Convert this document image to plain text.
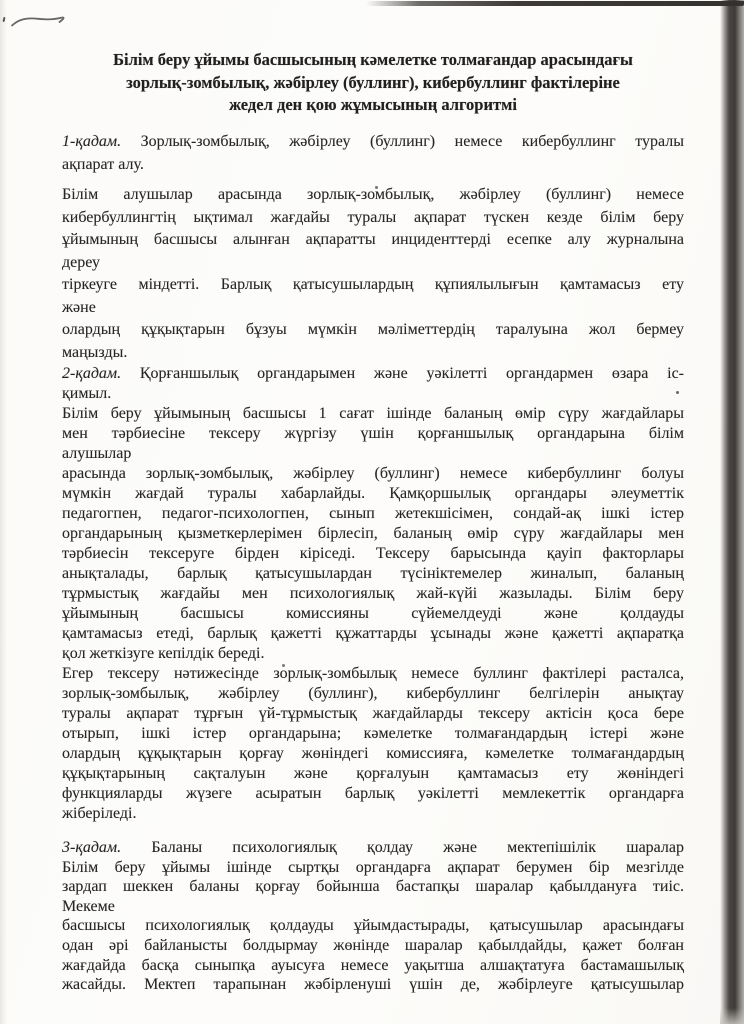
Білім беру ұйымы басшысының кәмелетке толмағандар арасындағы
зорлық-зомбылық, жәбірлеу (буллинг), кибербуллинг фактілеріне
жедел ден қою жұмысының алгоритмі
1-қадам. Зорлық-зомбылық, жәбірлеу (буллинг) немесе кибербуллинг туралы
ақпарат алу.
Білім алушылар арасында зорлық-зомбылық, жәбірлеу (буллинг) немесе
кибербуллингтің ықтимал жағдайы туралы ақпарат түскен кезде білім беру
ұйымының басшысы алынған ақпаратты инциденттерді есепке алу журналына
дереу
тіркеуге міндетті. Барлық қатысушылардың құпиялылығын қамтамасыз ету
және
олардың құқықтарын бұзуы мүмкін мәліметтердің таралуына жол бермеу
маңызды.
2-қадам. Қорғаншылық органдарымен және уәкілетті органдармен өзара іс-
қимыл.
Білім беру ұйымының басшысы 1 сағат ішінде баланың өмір сүру жағдайлары
мен тәрбиесіне тексеру жүргізу үшін қорғаншылық органдарына білім
алушылар
арасында зорлық-зомбылық, жәбірлеу (буллинг) немесе кибербуллинг болуы
мүмкін жағдай туралы хабарлайды. Қамқоршылық органдары әлеуметтік
педагогпен, педагог-психологпен, сынып жетекшісімен, сондай-ақ ішкі істер
органдарының қызметкерлерімен бірлесіп, баланың өмір сүру жағдайлары мен
тәрбиесін тексеруге бірден кіріседі. Тексеру барысында қауіп факторлары
анықталады, барлық қатысушылардан түсініктемелер жиналып, баланың
тұрмыстық жағдайы мен психологиялық жай-күйі жазылады. Білім беру
ұйымының басшысы комиссияны сүйемелдеуді және қолдауды
қамтамасыз етеді, барлық қажетті құжаттарды ұсынады және қажетті ақпаратқа
қол жеткізуге кепілдік береді.
Егер тексеру нәтижесінде зорлық-зомбылық немесе буллинг фактілері расталса,
зорлық-зомбылық, жәбірлеу (буллинг), кибербуллинг белгілерін анықтау
туралы ақпарат тұрғын үй-тұрмыстық жағдайларды тексеру актісін қоса бере
отырып, ішкі істер органдарына; кәмелетке толмағандардың істері және
олардың құқықтарын қорғау жөніндегі комиссияға, кәмелетке толмағандардың
құқықтарының сақталуын және қорғалуын қамтамасыз ету жөніндегі
функцияларды жүзеге асыратын барлық уәкілетті мемлекеттік органдарға
жіберіледі.
3-қадам. Баланы психологиялық қолдау және мектепішілік шаралар
Білім беру ұйымы ішінде сыртқы органдарға ақпарат берумен бір мезгілде
зардап шеккен баланы қорғау бойынша бастапқы шаралар қабылдануға тиіс.
Мекеме
басшысы психологиялық қолдауды ұйымдастырады, қатысушылар арасындағы
одан әрі байланысты болдырмау жөнінде шаралар қабылдайды, қажет болған
жағдайда басқа сыныпқа ауысуға немесе уақытша алшақтатуға бастамашылық
жасайды. Мектеп тарапынан жәбірленуші үшін де, жәбірлеуге қатысушылар
